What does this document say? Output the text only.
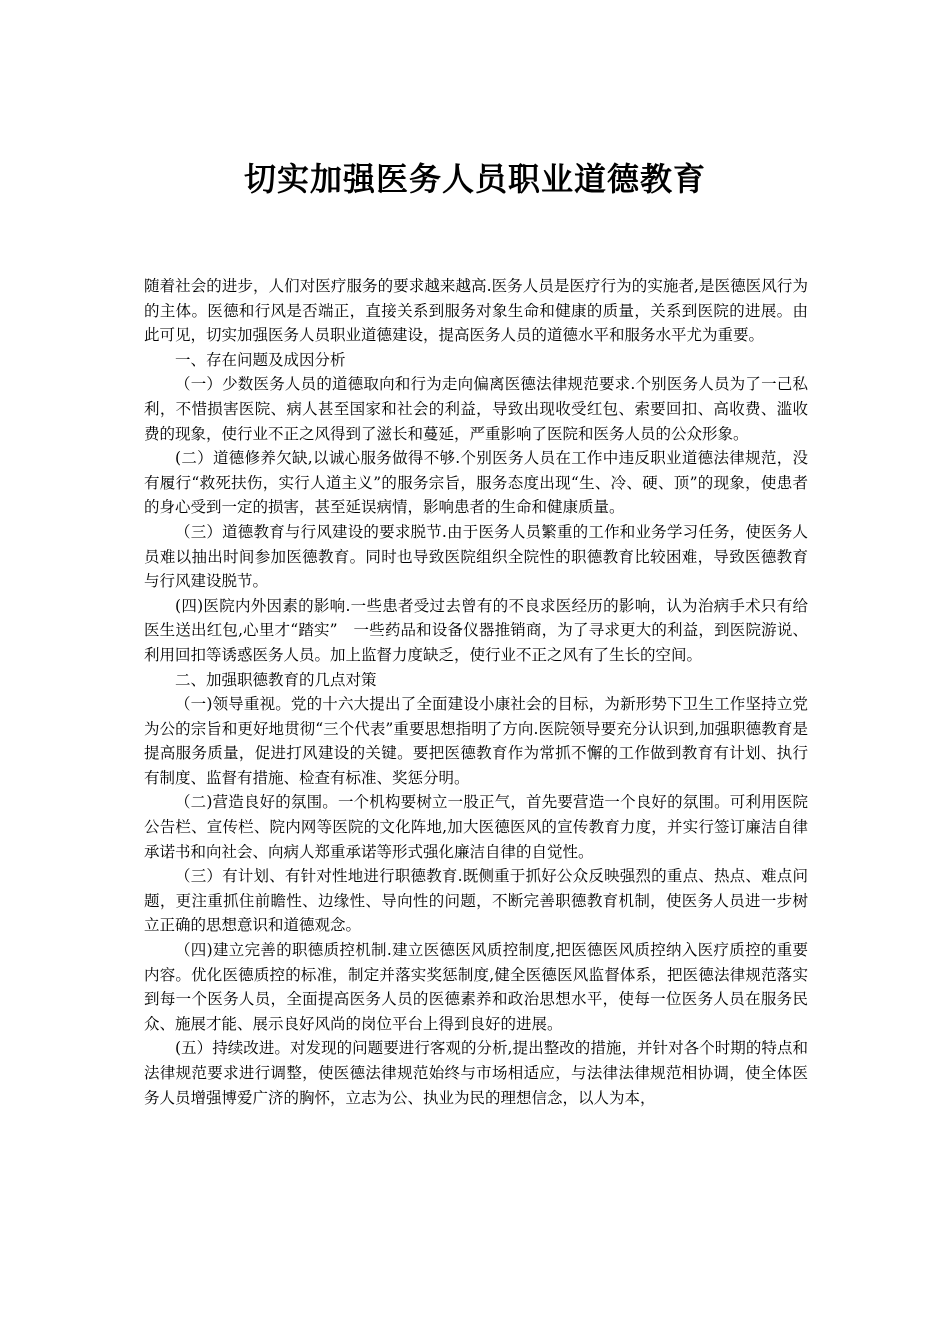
切实加强医务人员职业道德教育

随着社会的进步，人们对医疗服务的要求越来越高.医务人员是医疗行为的实施者,是医德医风行为的主体。医德和行风是否端正，直接关系到服务对象生命和健康的质量，关系到医院的进展。由此可见，切实加强医务人员职业道德建设，提高医务人员的道德水平和服务水平尤为重要。

一、存在问题及成因分析

（一）少数医务人员的道德取向和行为走向偏离医德法律规范要求.个别医务人员为了一己私利，不惜损害医院、病人甚至国家和社会的利益，导致出现收受红包、索要回扣、高收费、滥收费的现象，使行业不正之风得到了滋长和蔓延，严重影响了医院和医务人员的公众形象。

(二）道德修养欠缺,以诚心服务做得不够.个别医务人员在工作中违反职业道德法律规范，没有履行“救死扶伤，实行人道主义”的服务宗旨，服务态度出现“生、冷、硬、顶”的现象，使患者的身心受到一定的损害，甚至延误病情，影响患者的生命和健康质量。

（三）道德教育与行风建设的要求脱节.由于医务人员繁重的工作和业务学习任务，使医务人员难以抽出时间参加医德教育。同时也导致医院组织全院性的职德教育比较困难，导致医德教育与行风建设脱节。

(四)医院内外因素的影响.一些患者受过去曾有的不良求医经历的影响，认为治病手术只有给医生送出红包,心里才“踏实”　一些药品和设备仪器推销商，为了寻求更大的利益，到医院游说、利用回扣等诱惑医务人员。加上监督力度缺乏，使行业不正之风有了生长的空间。

二、加强职德教育的几点对策

（一)领导重视。党的十六大提出了全面建设小康社会的目标，为新形势下卫生工作坚持立党为公的宗旨和更好地贯彻“三个代表”重要思想指明了方向.医院领导要充分认识到,加强职德教育是提高服务质量，促进打风建设的关键。要把医德教育作为常抓不懈的工作做到教育有计划、执行有制度、监督有措施、检查有标准、奖惩分明。

（二)营造良好的氛围。一个机构要树立一股正气，首先要营造一个良好的氛围。可利用医院公告栏、宣传栏、院内网等医院的文化阵地,加大医德医风的宣传教育力度，并实行签订廉洁自律承诺书和向社会、向病人郑重承诺等形式强化廉洁自律的自觉性。

（三）有计划、有针对性地进行职德教育.既侧重于抓好公众反映强烈的重点、热点、难点问题，更注重抓住前瞻性、边缘性、导向性的问题，不断完善职德教育机制，使医务人员进一步树立正确的思想意识和道德观念。

（四)建立完善的职德质控机制.建立医德医风质控制度,把医德医风质控纳入医疗质控的重要内容。优化医德质控的标准，制定并落实奖惩制度,健全医德医风监督体系，把医德法律规范落实到每一个医务人员，全面提高医务人员的医德素养和政治思想水平，使每一位医务人员在服务民众、施展才能、展示良好风尚的岗位平台上得到良好的进展。

(五）持续改进。对发现的问题要进行客观的分析,提出整改的措施，并针对各个时期的特点和法律规范要求进行调整，使医德法律规范始终与市场相适应，与法律法律规范相协调，使全体医务人员增强博爱广济的胸怀，立志为公、执业为民的理想信念，以人为本，
